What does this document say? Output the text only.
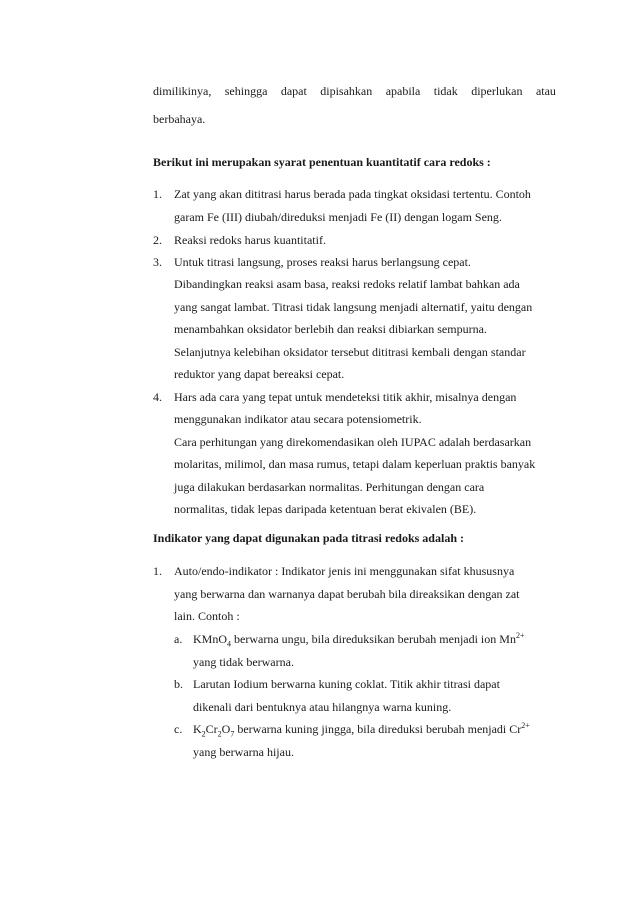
dimilikinya, sehingga dapat dipisahkan apabila tidak diperlukan atau
berbahaya.
Berikut ini merupakan syarat penentuan kuantitatif cara redoks :
1. Zat yang akan dititrasi harus berada pada tingkat oksidasi tertentu. Contoh
garam Fe (III) diubah/direduksi menjadi Fe (II) dengan logam Seng.
2. Reaksi redoks harus kuantitatif.
3. Untuk titrasi langsung, proses reaksi harus berlangsung cepat.
Dibandingkan reaksi asam basa, reaksi redoks relatif lambat bahkan ada
yang sangat lambat. Titrasi tidak langsung menjadi alternatif, yaitu dengan
menambahkan oksidator berlebih dan reaksi dibiarkan sempurna.
Selanjutnya kelebihan oksidator tersebut dititrasi kembali dengan standar
reduktor yang dapat bereaksi cepat.
4. Hars ada cara yang tepat untuk mendeteksi titik akhir, misalnya dengan
menggunakan indikator atau secara potensiometrik.
Cara perhitungan yang direkomendasikan oleh IUPAC adalah berdasarkan
molaritas, milimol, dan masa rumus, tetapi dalam keperluan praktis banyak
juga dilakukan berdasarkan normalitas. Perhitungan dengan cara
normalitas, tidak lepas daripada ketentuan berat ekivalen (BE).
Indikator yang dapat digunakan pada titrasi redoks adalah :
1. Auto/endo-indikator : Indikator jenis ini menggunakan sifat khususnya
yang berwarna dan warnanya dapat berubah bila direaksikan dengan zat
lain. Contoh :
a. KMnO$_4$ berwarna ungu, bila direduksikan berubah menjadi ion $Mn^{2+}$
yang tidak berwarna.
b. Larutan Iodium berwarna kuning coklat. Titik akhir titrasi dapat
dikenali dari bentuknya atau hilangnya warna kuning.
c. $K_2Cr_2O_7$ berwarna kuning jingga, bila direduksi berubah menjadi $Cr^{2+}$
yang berwarna hijau.
